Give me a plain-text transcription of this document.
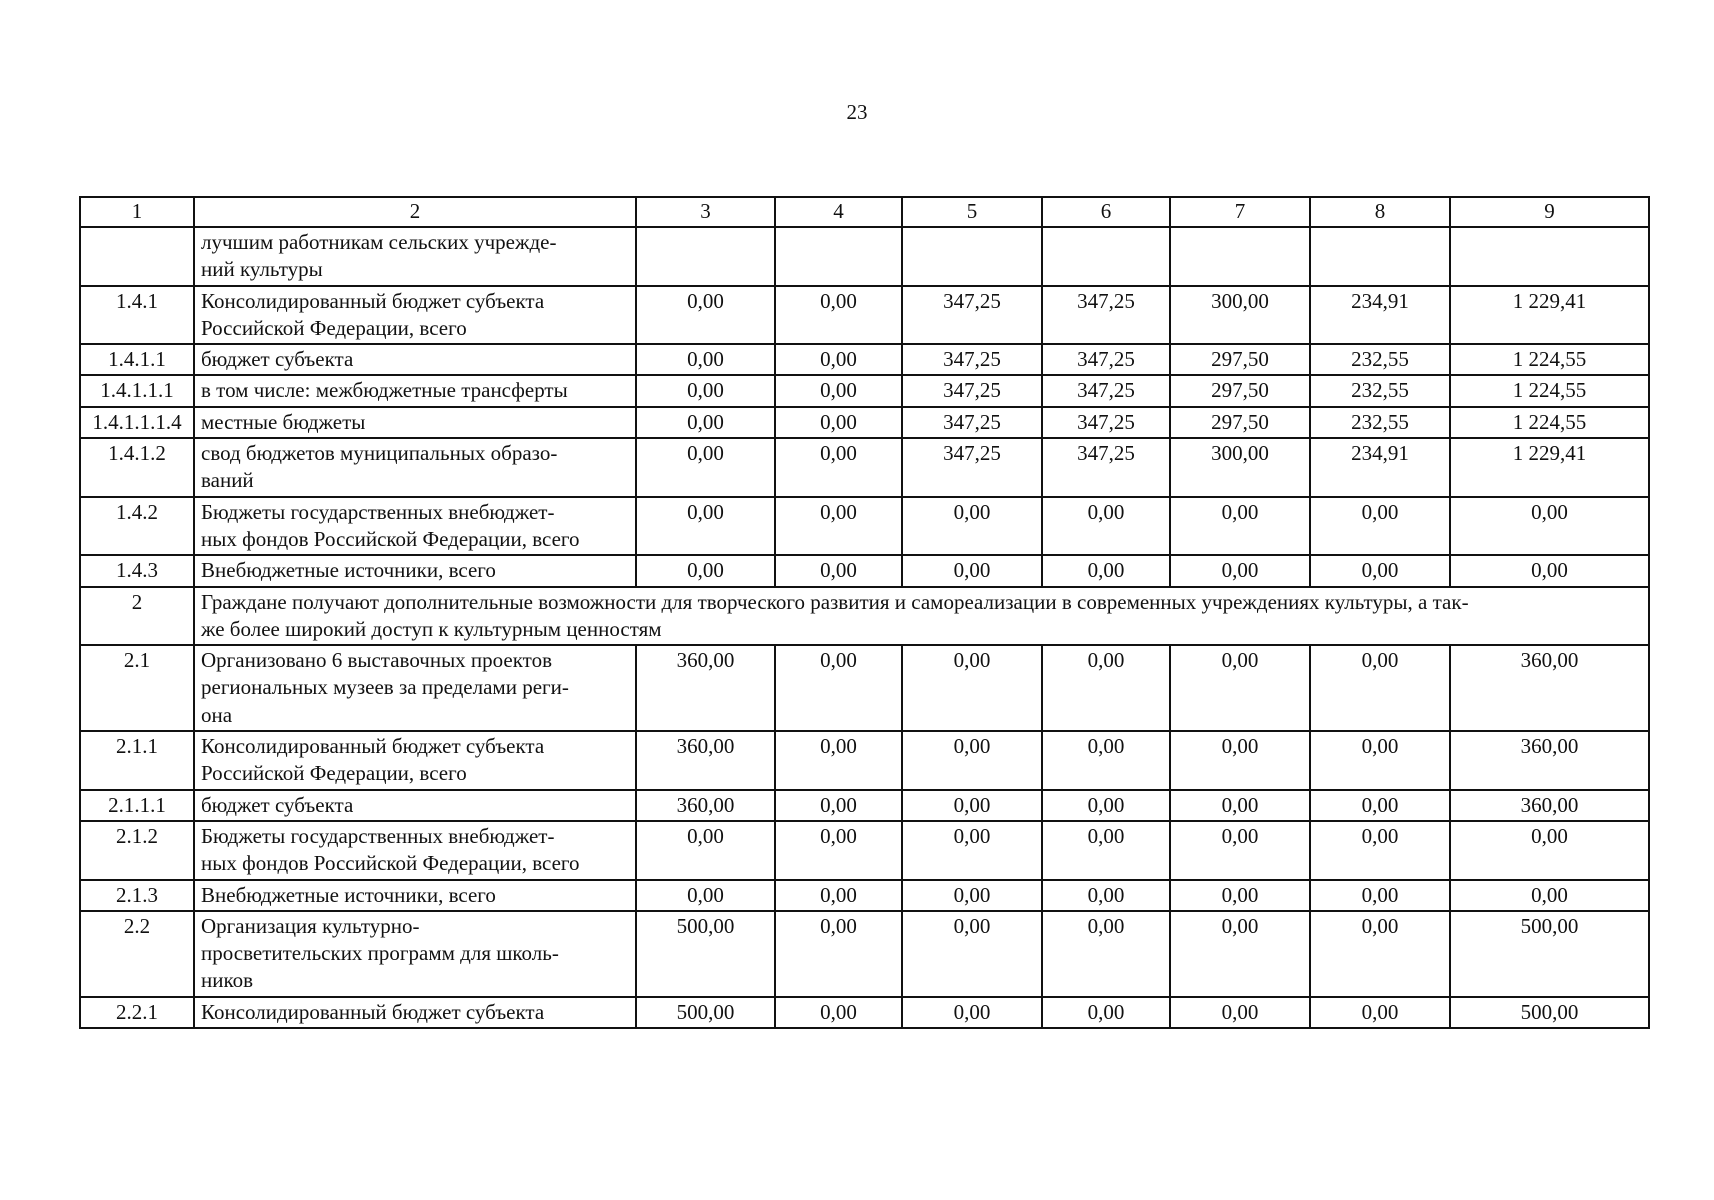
23
1	2	3	4	5	6	7	8	9

	лучшим работникам сельских учрежде-
ний культуры							

1.4.1	Консолидированный бюджет субъекта
Российской Федерации, всего	0,00	0,00	347,25	347,25	300,00	234,91	1 229,41
1.4.1.1	бюджет субъекта	0,00	0,00	347,25	347,25	297,50	232,55	1 224,55
1.4.1.1.1	в том числе: межбюджетные трансферты	0,00	0,00	347,25	347,25	297,50	232,55	1 224,55
1.4.1.1.1.4	местные бюджеты	0,00	0,00	347,25	347,25	297,50	232,55	1 224,55
1.4.1.2	свод бюджетов муниципальных образо-
ваний	0,00	0,00	347,25	347,25	300,00	234,91	1 229,41
1.4.2	Бюджеты государственных внебюджет-
ных фондов Российской Федерации, всего	0,00	0,00	0,00	0,00	0,00	0,00	0,00
1.4.3	Внебюджетные источники, всего	0,00	0,00	0,00	0,00	0,00	0,00	0,00
2	Граждане получают дополнительные возможности для творческого развития и самореализации в современных учреждениях культуры, а так-
же более широкий доступ к культурным ценностям							

2.1	Организовано 6 выставочных проектов
региональных музеев за пределами реги-
она	360,00	0,00	0,00	0,00	0,00	0,00	360,00
2.1.1	Консолидированный бюджет субъекта
Российской Федерации, всего	360,00	0,00	0,00	0,00	0,00	0,00	360,00
2.1.1.1	бюджет субъекта	360,00	0,00	0,00	0,00	0,00	0,00	360,00
2.1.2	Бюджеты государственных внебюджет-
ных фондов Российской Федерации, всего	0,00	0,00	0,00	0,00	0,00	0,00	0,00
2.1.3	Внебюджетные источники, всего	0,00	0,00	0,00	0,00	0,00	0,00	0,00
2.2	Организация культурно-
просветительских программ для школь-
ников	500,00	0,00	0,00	0,00	0,00	0,00	500,00
2.2.1	Консолидированный бюджет субъекта	500,00	0,00	0,00	0,00	0,00	0,00	500,00
